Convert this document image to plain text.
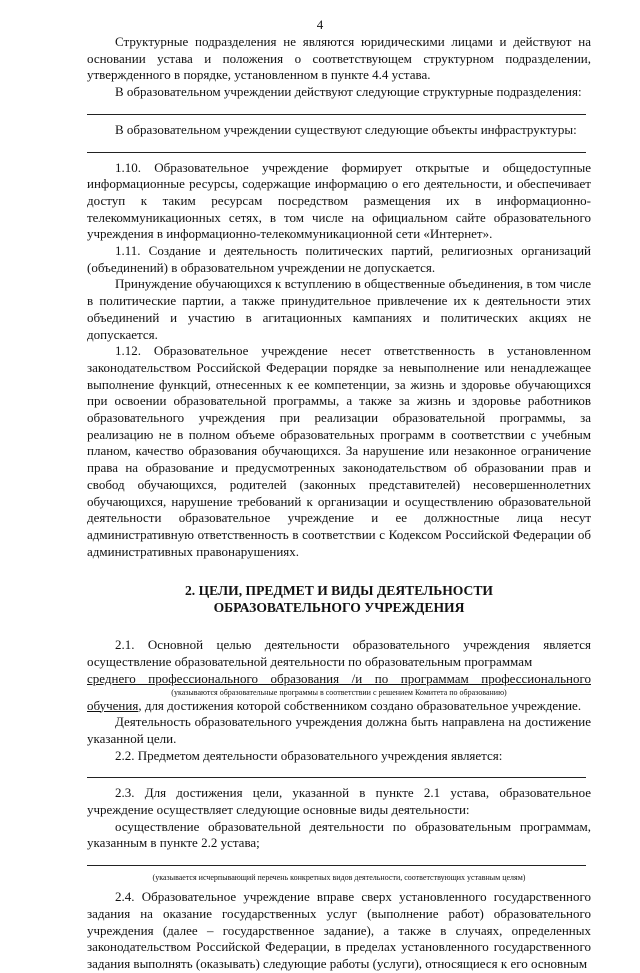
4

Структурные подразделения не являются юридическими лицами и действуют на основании устава и положения о соответствующем структурном подразделении, утвержденного в порядке, установленном в пункте 4.4 устава.

В образовательном учреждении действуют следующие структурные подразделения:

В образовательном учреждении существуют следующие объекты инфраструктуры:

1.10. Образовательное учреждение формирует открытые и общедоступные информационные ресурсы, содержащие информацию о его деятельности, и обеспечивает доступ к таким ресурсам посредством размещения их в информационно-телекоммуникационных сетях, в том числе на официальном сайте образовательного учреждения в информационно-телекоммуникационной сети «Интернет».

1.11. Создание и деятельность политических партий, религиозных организаций (объединений) в образовательном учреждении не допускается.

Принуждение обучающихся к вступлению в общественные объединения, в том числе в политические партии, а также принудительное привлечение их к деятельности этих объединений и участию в агитационных кампаниях и политических акциях не допускается.

1.12. Образовательное учреждение несет ответственность в установленном законодательством Российской Федерации порядке за невыполнение или ненадлежащее выполнение функций, отнесенных к ее компетенции, за жизнь и здоровье обучающихся при освоении образовательной программы, а также за жизнь и здоровье работников образовательного учреждения при реализации образовательной программы, за реализацию не в полном объеме образовательных программ в соответствии с учебным планом, качество образования обучающихся. За нарушение или незаконное ограничение права на образование и предусмотренных законодательством об образовании прав и свобод обучающихся, родителей (законных представителей) несовершеннолетних обучающихся, нарушение требований к организации и осуществлению образовательной деятельности образовательное учреждение и ее должностные лица несут административную ответственность в соответствии с Кодексом Российской Федерации об административных правонарушениях.

2. ЦЕЛИ, ПРЕДМЕТ И ВИДЫ ДЕЯТЕЛЬНОСТИ
ОБРАЗОВАТЕЛЬНОГО УЧРЕЖДЕНИЯ

2.1. Основной целью деятельности образовательного учреждения является осуществление образовательной деятельности по образовательным программам

среднего профессионального образования /и по программам профессионального

(указываются образовательные программы в соответствии с решением Комитета по образованию)

обучения, для достижения которой собственником создано образовательное учреждение.

Деятельность образовательного учреждения должна быть направлена на достижение указанной цели.

2.2. Предметом деятельности образовательного учреждения является:

2.3. Для достижения цели, указанной в пункте 2.1 устава, образовательное учреждение осуществляет следующие основные виды деятельности:

осуществление образовательной деятельности по образовательным программам, указанным в пункте 2.2 устава;

(указывается исчерпывающий перечень конкретных видов деятельности, соответствующих уставным целям)

2.4. Образовательное учреждение вправе сверх установленного государственного задания на оказание государственных услуг (выполнение работ) образовательного учреждения (далее – государственное задание), а также в случаях, определенных законодательством Российской Федерации, в пределах установленного государственного задания выполнять (оказывать) следующие работы (услуги), относящиеся к его основным
